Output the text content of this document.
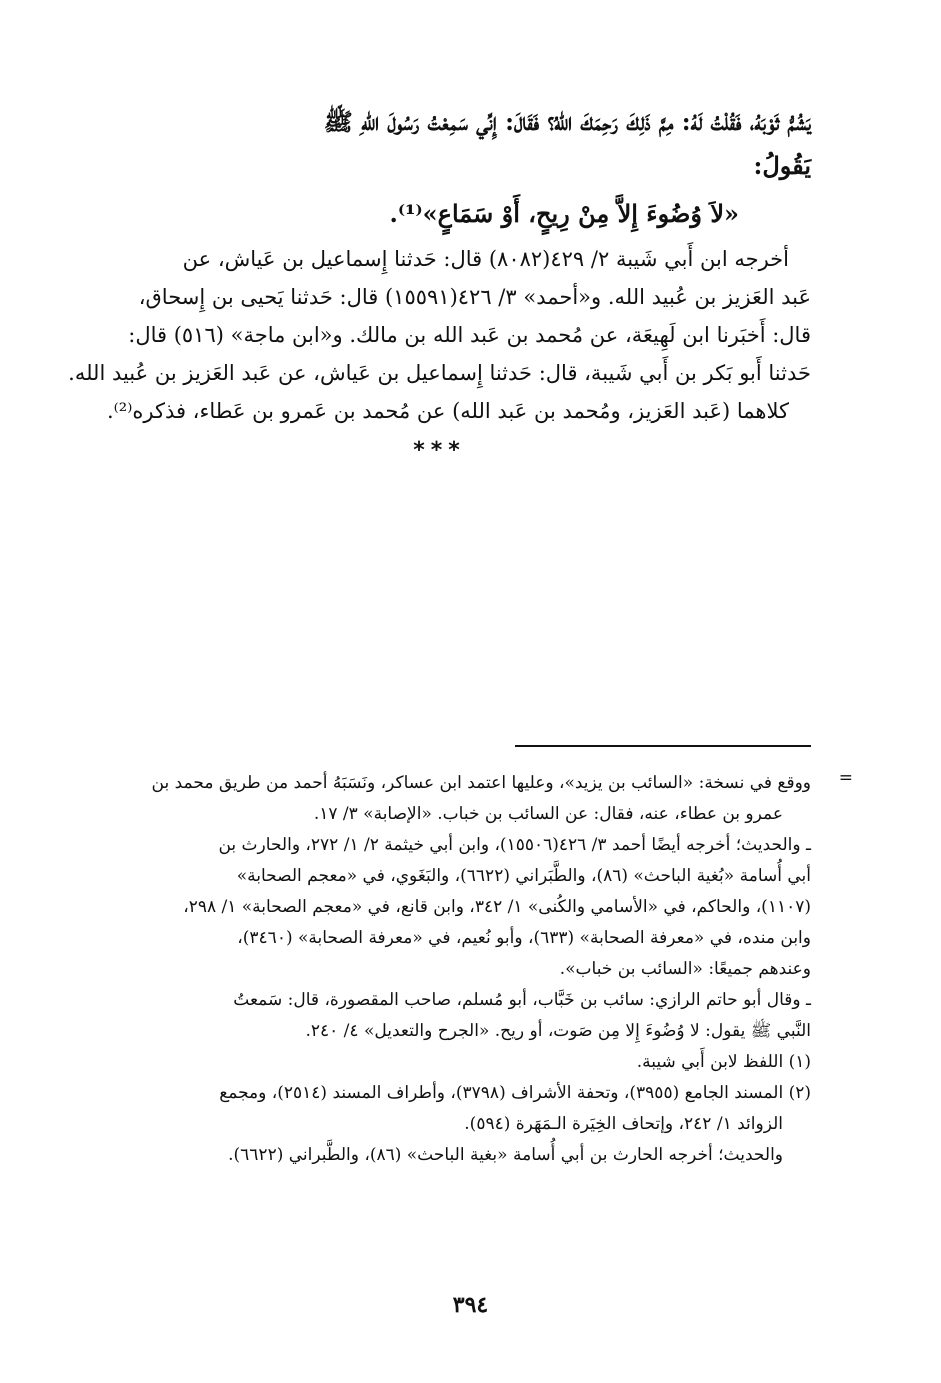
يَشُمُّ ثَوْبَهُ، فَقُلْتُ لَهُ: مِمَّ ذَلِكَ رَحِمَكَ اللهُ؟ فَقَالَ: إِنِّي سَمِعْتُ رَسُولَ اللهِ ﷺ

يَقُولُ:

«لاَ وُضُوءَ إِلاَّ مِنْ رِيحٍ، أَوْ سَمَاعٍ»⁽¹⁾.

أخرجه ابن أَبي شَيبة ٢/ ٤٢٩(٨٠٨٢) قال: حَدثنا إِسماعيل بن عَياش، عن

عَبد العَزيز بن عُبيد الله. و«أحمد» ٣/ ٤٢٦(١٥٥٩١) قال: حَدثنا يَحيى بن إِسحاق،

قال: أَخبَرنا ابن لَهِيعَة، عن مُحمد بن عَبد الله بن مالك. و«ابن ماجة» (٥١٦) قال:

حَدثنا أَبو بَكر بن أَبي شَيبة، قال: حَدثنا إِسماعيل بن عَياش، عن عَبد العَزيز بن عُبيد الله.

كلاهما (عَبد العَزيز، ومُحمد بن عَبد الله) عن مُحمد بن عَمرو بن عَطاء، فذكره⁽²⁾.

***
=

ووقع في نسخة: «السائب بن يزيد»، وعليها اعتمد ابن عساكر، ونَسَبَهُ أحمد من طريق محمد بن

عمرو بن عطاء، عنه، فقال: عن السائب بن خباب. «الإصابة» ٣/ ١٧.

ـ والحديث؛ أخرجه أيضًا أحمد ٣/ ٤٢٦(١٥٥٠٦)، وابن أبي خيثمة ٢/ ١/ ٢٧٢، والحارث بن

أبي أُسامة «بُغية الباحث» (٨٦)، والطَّبَراني (٦٦٢٢)، والبَغَوي، في «معجم الصحابة»

(١١٠٧)، والحاكم، في «الأسامي والكُنى» ١/ ٣٤٢، وابن قانع، في «معجم الصحابة» ١/ ٢٩٨،

وابن منده، في «معرفة الصحابة» (٦٣٣)، وأبو نُعيم، في «معرفة الصحابة» (٣٤٦٠)،

وعندهم جميعًا: «السائب بن خباب».

ـ وقال أبو حاتم الرازي: سائب بن خَبَّاب، أبو مُسلم، صاحب المقصورة، قال: سَمعتُ

النَّبي ﷺ يقول: لا وُضُوءَ إِلا مِن صَوت، أو ريح. «الجرح والتعديل» ٤/ ٢٤٠.

(١) اللفظ لابن أَبي شيبة.

(٢) المسند الجامع (٣٩٥٥)، وتحفة الأشراف (٣٧٩٨)، وأطراف المسند (٢٥١٤)، ومجمع

الزوائد ١/ ٢٤٢، وإتحاف الخِيَرة الـمَهَرة (٥٩٤).

والحديث؛ أخرجه الحارث بن أبي أُسامة «بغية الباحث» (٨٦)، والطَّبراني (٦٦٢٢).

٣٩٤
